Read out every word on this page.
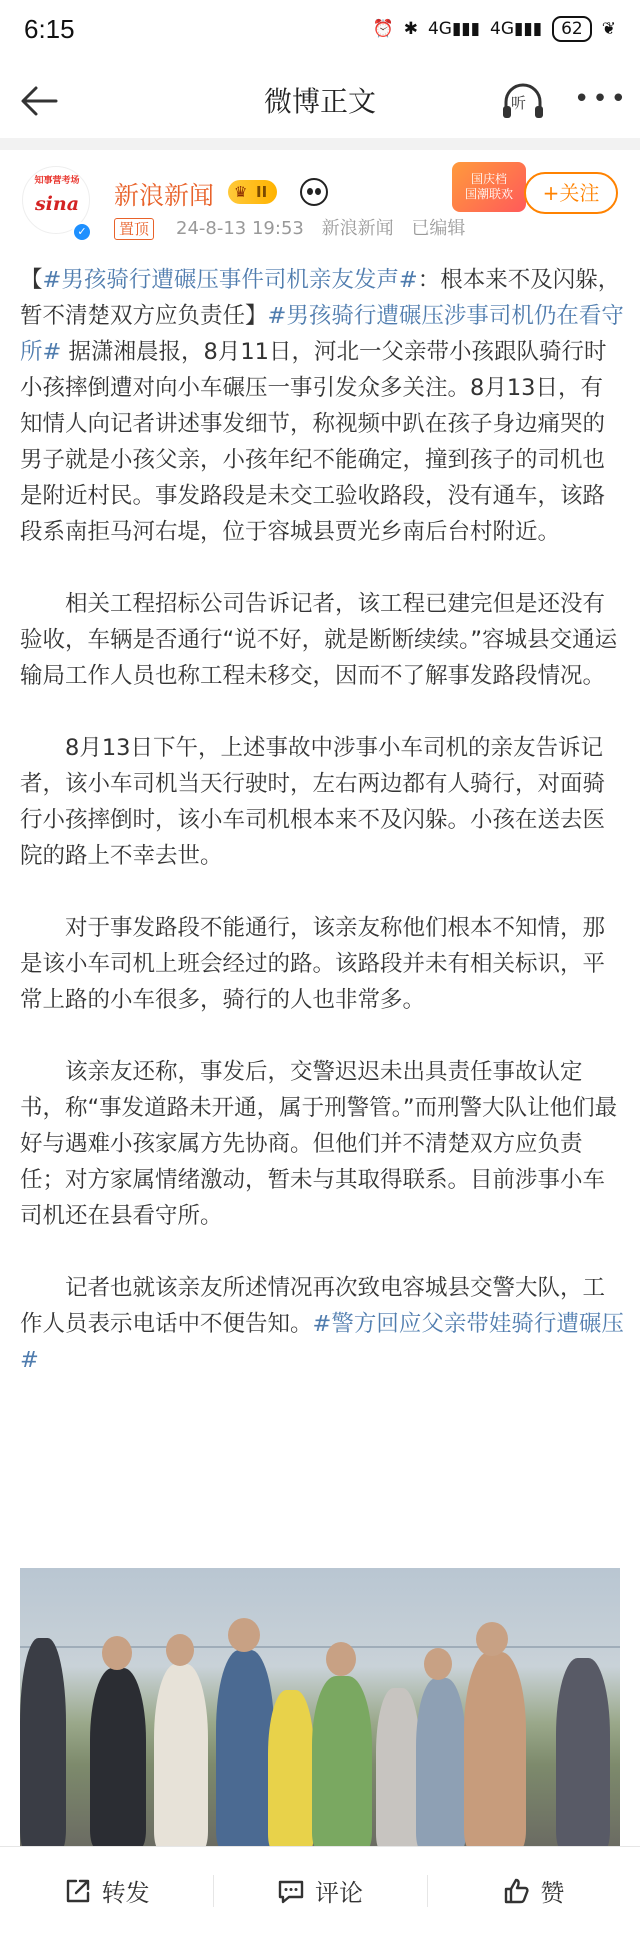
6:15	⏰ ✱ 4G▮▮▮ 4G▮▮▮	62	❦
微博正文	听 •••
知事营考场
sina
✓
新浪新闻 ♛ II
置顶 24-8-13 19:53 新浪新闻 已编辑
国庆档
国潮联欢	+关注

【#男孩骑行遭碾压事件司机亲友发声#：根本来不及闪躲，暂不清楚双方应负责任】#男孩骑行遭碾压涉事司机仍在看守所# 据潇湘晨报，8月11日，河北一父亲带小孩跟队骑行时小孩摔倒遭对向小车碾压一事引发众多关注。8月13日，有知情人向记者讲述事发细节，称视频中趴在孩子身边痛哭的男子就是小孩父亲，小孩年纪不能确定，撞到孩子的司机也是附近村民。事发路段是未交工验收路段，没有通车，该路段系南拒马河右堤，位于容城县贾光乡南后台村附近。

相关工程招标公司告诉记者，该工程已建完但是还没有验收，车辆是否通行“说不好，就是断断续续。”容城县交通运输局工作人员也称工程未移交，因而不了解事发路段情况。

8月13日下午，上述事故中涉事小车司机的亲友告诉记者，该小车司机当天行驶时，左右两边都有人骑行，对面骑行小孩摔倒时，该小车司机根本来不及闪躲。小孩在送去医院的路上不幸去世。

对于事发路段不能通行，该亲友称他们根本不知情，那是该小车司机上班会经过的路。该路段并未有相关标识，平常上路的小车很多，骑行的人也非常多。

该亲友还称，事发后，交警迟迟未出具责任事故认定书，称“事发道路未开通，属于刑警管。”而刑警大队让他们最好与遇难小孩家属方先协商。但他们并不清楚双方应负责任；对方家属情绪激动，暂未与其取得联系。目前涉事小车司机还在县看守所。

记者也就该亲友所述情况再次致电容城县交警大队，工作人员表示电话中不便告知。#警方回应父亲带娃骑行遭碾压#

转发	评论	赞
